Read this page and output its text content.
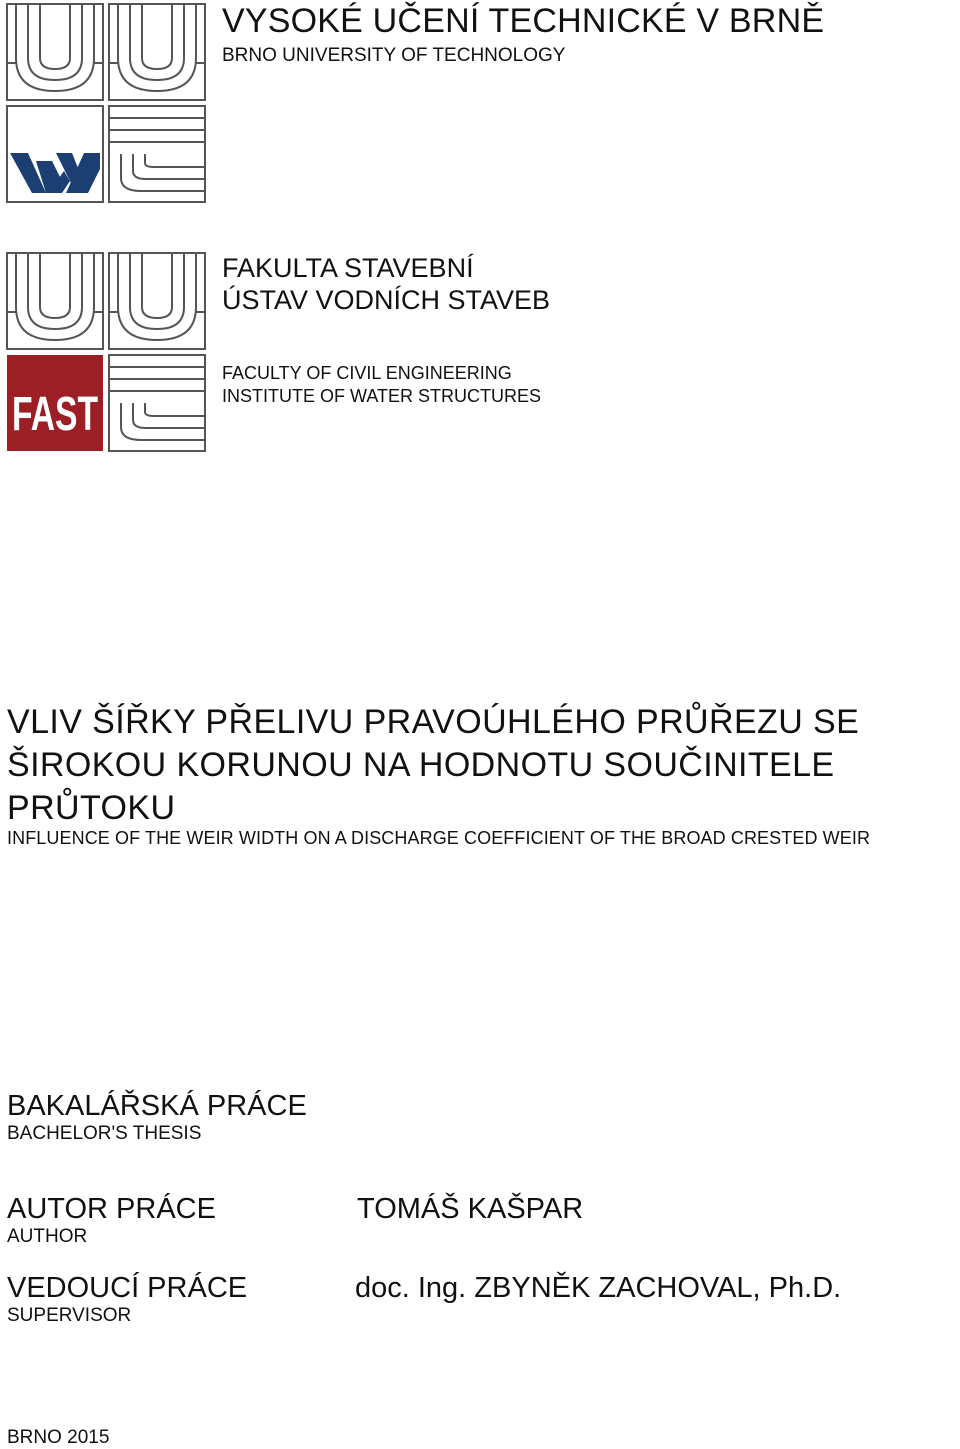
VYSOKÉ UČENÍ TECHNICKÉ V BRNĚ
BRNO UNIVERSITY OF TECHNOLOGY
FAST
FAKULTA STAVEBNÍ
ÚSTAV VODNÍCH STAVEB
FACULTY OF CIVIL ENGINEERING
INSTITUTE OF WATER STRUCTURES
VLIV ŠÍŘKY PŘELIVU PRAVOÚHLÉHO PRŮŘEZU SE ŠIROKOU KORUNOU NA HODNOTU SOUČINITELE PRŮTOKU
INFLUENCE OF THE WEIR WIDTH ON A DISCHARGE COEFFICIENT OF THE BROAD CRESTED WEIR
BAKALÁŘSKÁ PRÁCE
BACHELOR'S THESIS
AUTOR PRÁCE
AUTHOR
TOMÁŠ KAŠPAR
VEDOUCÍ PRÁCE
SUPERVISOR
doc. Ing. ZBYNĚK ZACHOVAL, Ph.D.
BRNO 2015
